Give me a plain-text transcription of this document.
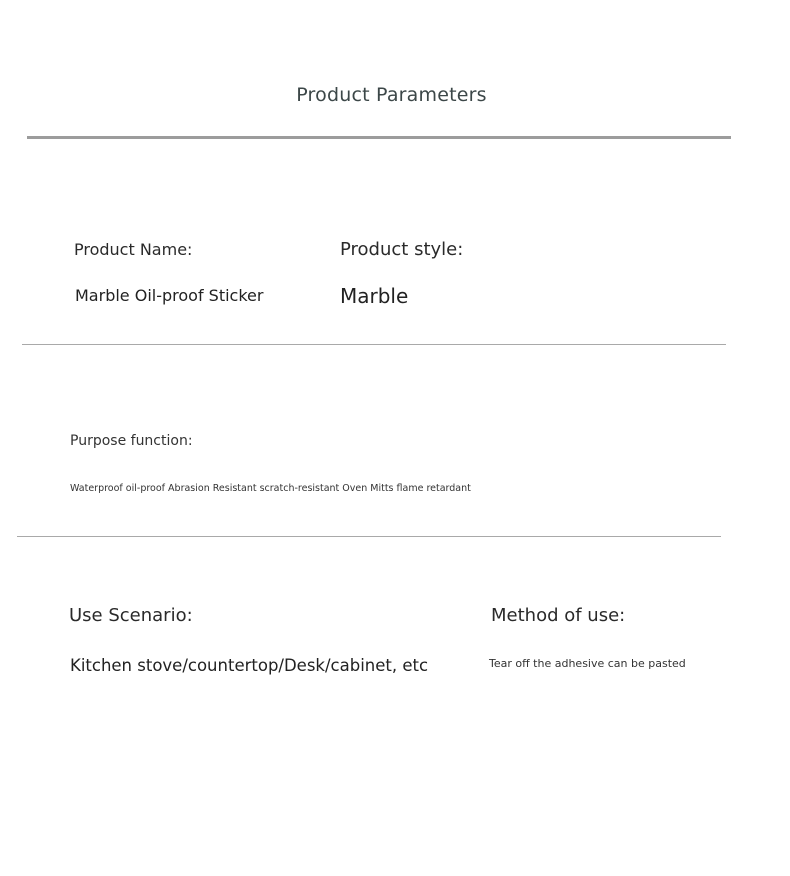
Product Parameters
Product Name:
Marble Oil-proof Sticker
Product style:
Marble
Purpose function:
Waterproof oil-proof Abrasion Resistant scratch-resistant Oven Mitts flame retardant
Use Scenario:
Kitchen stove/countertop/Desk/cabinet, etc
Method of use:
Tear off the adhesive can be pasted
